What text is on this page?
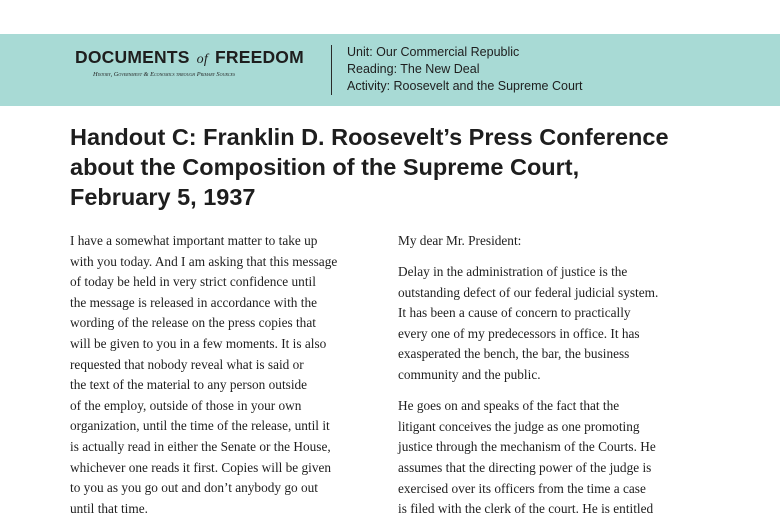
DOCUMENTS of FREEDOM
History, Government & Economics through Primary Sources
Unit: Our Commercial Republic
Reading: The New Deal
Activity: Roosevelt and the Supreme Court
Handout C: Franklin D. Roosevelt’s Press Conference
about the Composition of the Supreme Court,
February 5, 1937

I have a somewhat important matter to take up
with you today. And I am asking that this message
of today be held in very strict confidence until
the message is released in accordance with the
wording of the release on the press copies that
will be given to you in a few moments. It is also
requested that nobody reveal what is said or
the text of the material to any person outside
of the employ, outside of those in your own
organization, until the time of the release, until it
is actually read in either the Senate or the House,
whichever one reads it first. Copies will be given
to you as you go out and don’t anybody go out
until that time.

My dear Mr. President:

Delay in the administration of justice is the
outstanding defect of our federal judicial system.
It has been a cause of concern to practically
every one of my predecessors in office. It has
exasperated the bench, the bar, the business
community and the public.

He goes on and speaks of the fact that the
litigant conceives the judge as one promoting
justice through the mechanism of the Courts. He
assumes that the directing power of the judge is
exercised over its officers from the time a case
is filed with the clerk of the court. He is entitled
